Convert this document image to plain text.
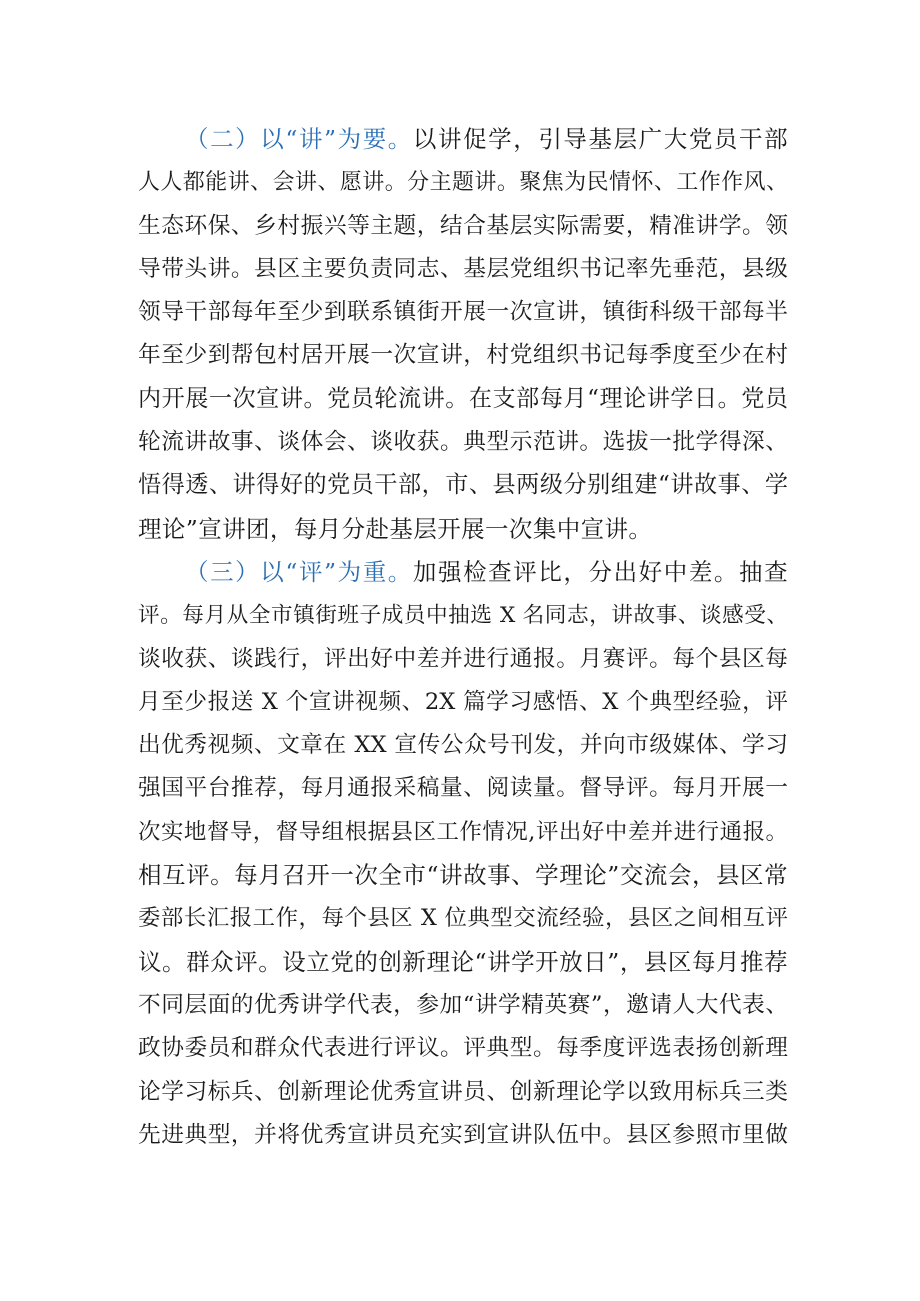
（二）以“讲”为要。以讲促学，引导基层广大党员干部
人人都能讲、会讲、愿讲。分主题讲。聚焦为民情怀、工作作风、
生态环保、乡村振兴等主题，结合基层实际需要，精准讲学。领
导带头讲。县区主要负责同志、基层党组织书记率先垂范，县级
领导干部每年至少到联系镇街开展一次宣讲，镇街科级干部每半
年至少到帮包村居开展一次宣讲，村党组织书记每季度至少在村
内开展一次宣讲。党员轮流讲。在支部每月“理论讲学日。党员
轮流讲故事、谈体会、谈收获。典型示范讲。选拔一批学得深、
悟得透、讲得好的党员干部，市、县两级分别组建“讲故事、学
理论”宣讲团，每月分赴基层开展一次集中宣讲。
（三）以“评”为重。加强检查评比，分出好中差。抽查
评。每月从全市镇街班子成员中抽选 X 名同志，讲故事、谈感受、
谈收获、谈践行，评出好中差并进行通报。月赛评。每个县区每
月至少报送 X 个宣讲视频、2X 篇学习感悟、X 个典型经验，评
出优秀视频、文章在 XX 宣传公众号刊发，并向市级媒体、学习
强国平台推荐，每月通报采稿量、阅读量。督导评。每月开展一
次实地督导，督导组根据县区工作情况,评出好中差并进行通报。
相互评。每月召开一次全市“讲故事、学理论”交流会，县区常
委部长汇报工作，每个县区 X 位典型交流经验，县区之间相互评
议。群众评。设立党的创新理论“讲学开放日”，县区每月推荐
不同层面的优秀讲学代表，参加“讲学精英赛”，邀请人大代表、
政协委员和群众代表进行评议。评典型。每季度评选表扬创新理
论学习标兵、创新理论优秀宣讲员、创新理论学以致用标兵三类
先进典型，并将优秀宣讲员充实到宣讲队伍中。县区参照市里做
